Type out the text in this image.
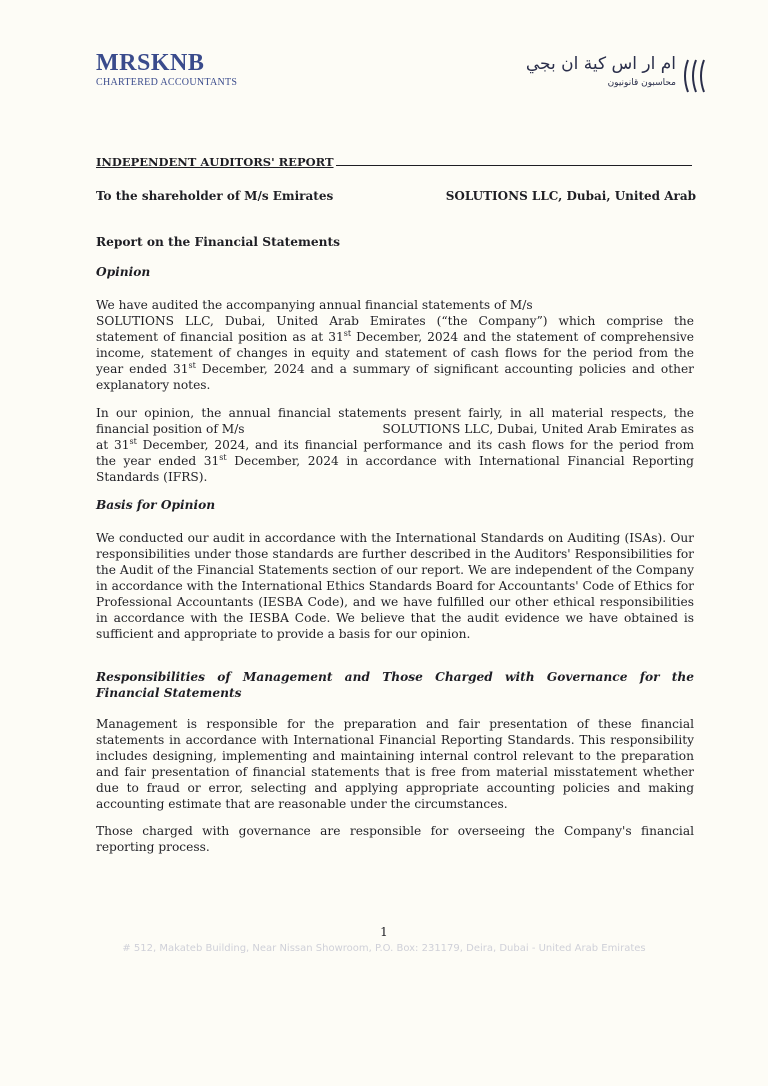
MRSKNB
CHARTERED ACCOUNTANTS
ام ار اس كية ان بجي
محاسبون قانونيون
INDEPENDENT AUDITORS' REPORT
To the shareholder of M/s Emirates	SOLUTIONS LLC, Dubai, United Arab
Report on the Financial Statements
Opinion
We have audited the accompanying annual financial statements of M/s
SOLUTIONS LLC, Dubai, United Arab Emirates (“the Company”) which comprise the
statement of financial position as at 31st December, 2024 and the statement of comprehensive
income, statement of changes in equity and statement of cash flows for the period from the
year ended 31st December, 2024 and a summary of significant accounting policies and other
explanatory notes.
In our opinion, the annual financial statements present fairly, in all material respects, the
financial position of M/s	SOLUTIONS LLC, Dubai, United Arab Emirates as
at 31st December, 2024, and its financial performance and its cash flows for the period from
the year ended 31st December, 2024 in accordance with International Financial Reporting
Standards (IFRS).
Basis for Opinion
We conducted our audit in accordance with the International Standards on Auditing (ISAs). Our responsibilities under those standards are further described in the Auditors' Responsibilities for the Audit of the Financial Statements section of our report. We are independent of the Company in accordance with the International Ethics Standards Board for Accountants' Code of Ethics for Professional Accountants (IESBA Code), and we have fulfilled our other ethical responsibilities in accordance with the IESBA Code. We believe that the audit evidence we have obtained is sufficient and appropriate to provide a basis for our opinion.
Responsibilities of Management and Those Charged with Governance for the
Financial Statements
Management is responsible for the preparation and fair presentation of these financial statements in accordance with International Financial Reporting Standards. This responsibility includes designing, implementing and maintaining internal control relevant to the preparation and fair presentation of financial statements that is free from material misstatement whether due to fraud or error, selecting and applying appropriate accounting policies and making accounting estimate that are reasonable under the circumstances.
Those charged with governance are responsible for overseeing the Company's financial reporting process.
1
# 512, Makateb Building, Near Nissan Showroom, P.O. Box: 231179, Deira, Dubai - United Arab Emirates
